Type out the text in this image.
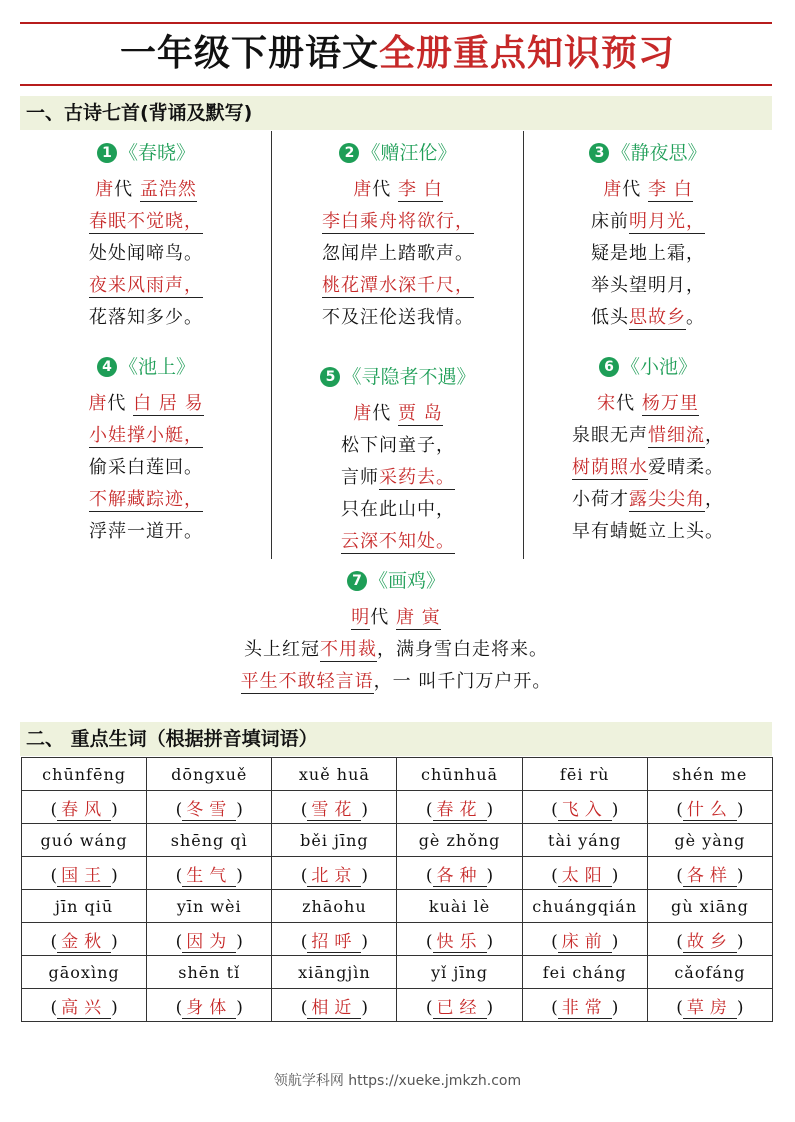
一年级下册语文全册重点知识预习
一、古诗七首(背诵及默写)
1 《春晓》
唐代 孟浩然
春眠不觉晓，
处处闻啼鸟。
夜来风雨声，
花落知多少。
2 《赠汪伦》
唐代 李 白
李白乘舟将欲行，
忽闻岸上踏歌声。
桃花潭水深千尺，
不及汪伦送我情。
3 《静夜思》
唐代 李 白
床前明月光，
疑是地上霜，
举头望明月，
低头思故乡。
4 《池上》
唐代 白 居 易
小娃撑小艇，
偷采白莲回。
不解藏踪迹，
浮萍一道开。
5 《寻隐者不遇》
唐代 贾 岛
松下问童子，
言师采药去。
只在此山中，
云深不知处。
6 《小池》
宋代 杨万里
泉眼无声惜细流，
树荫照水爱晴柔。
小荷才露尖尖角，
早有蜻蜓立上头。
7 《画鸡》
明代 唐 寅
头上红冠不用裁，满身雪白走将来。
平生不敢轻言语，一 叫千门万户开。
二、 重点生词（根据拼音填词语）
chūnfēng	dōngxuě	xuě huā	chūnhuā	fēi rù	shén me
( 春风 )	( 冬雪 )	( 雪花 )	( 春花 )	( 飞入 )	( 什么 )
guó wáng	shēng qì	běi jīng	gè zhǒng	tài yáng	gè yàng
( 国王 )	( 生气 )	( 北京 )	( 各种 )	( 太阳 )	( 各样 )
jīn qiū	yīn wèi	zhāohu	kuài lè	chuángqián	gù xiāng
( 金秋 )	( 因为 )	( 招呼 )	( 快乐 )	( 床前 )	( 故乡 )
gāoxìng	shēn tǐ	xiāngjìn	yǐ jīng	fei cháng	cǎofáng
( 高兴 )	( 身体 )	( 相近 )	( 已经 )	( 非常 )	( 草房 )
领航学科网 https://xueke.jmkzh.com
